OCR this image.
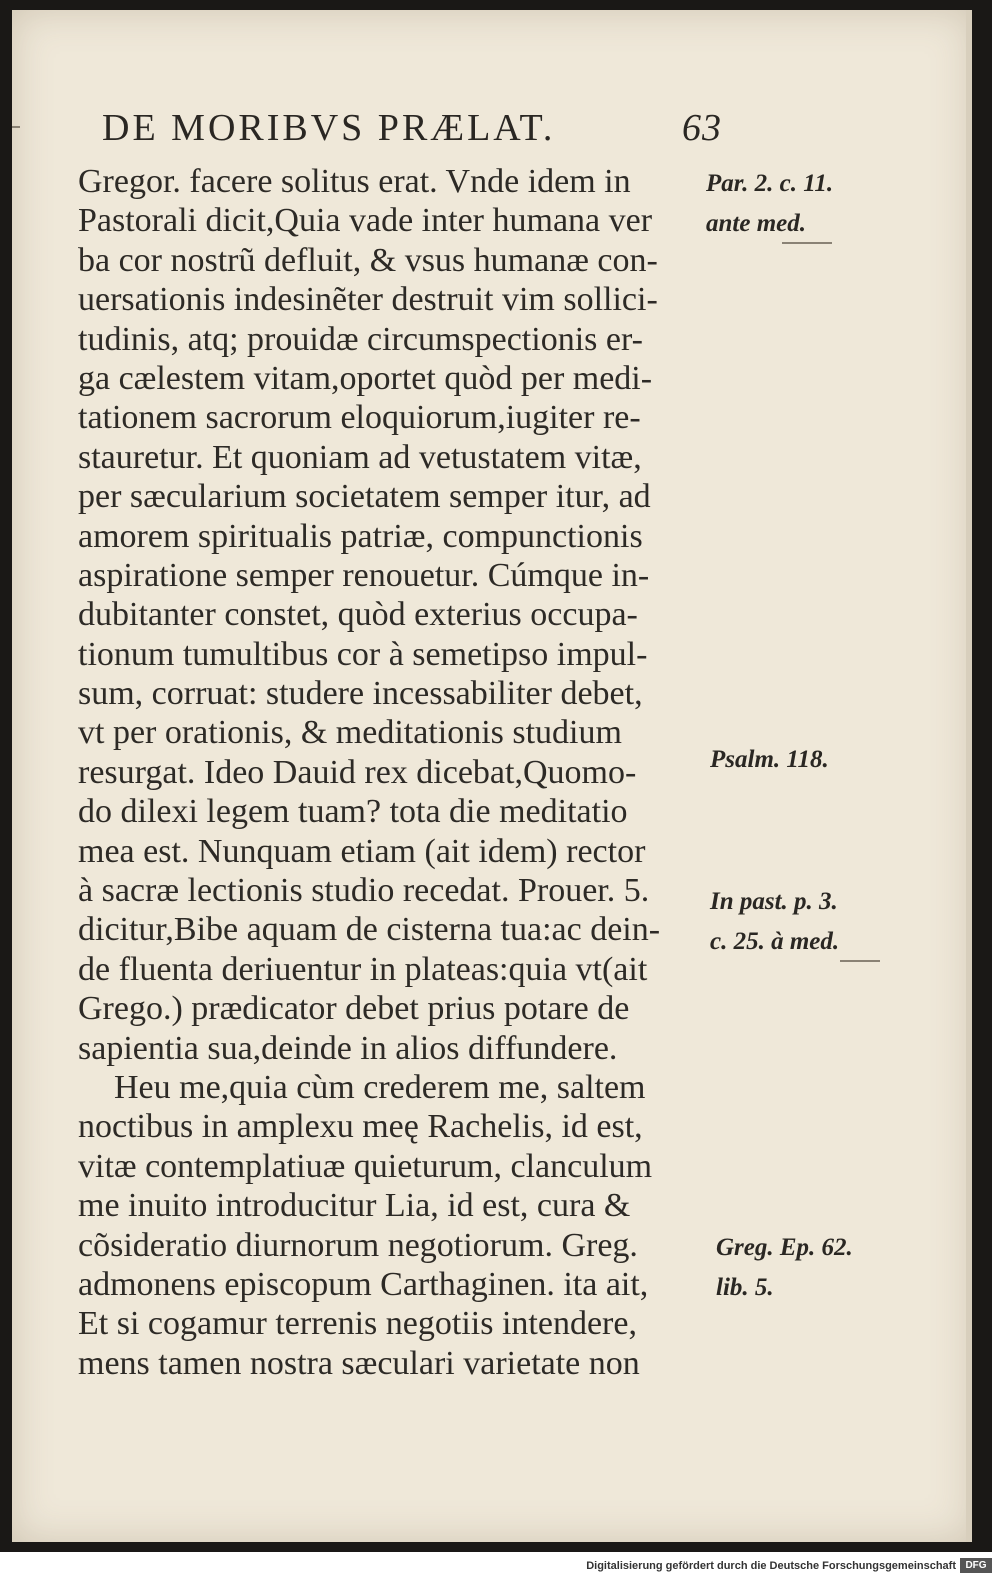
DE MORIBVS PRÆLAT.	63
Gregor. facere solitus erat. Vnde idem in
Pastorali dicit,Quia vade inter humana ver
ba cor nostrũ defluit, & vsus humanæ con-
uersationis indesinẽter destruit vim sollici-
tudinis, atq; prouidæ circumspectionis er-
ga cælestem vitam,oportet quòd per medi-
tationem sacrorum eloquiorum,iugiter re-
stauretur. Et quoniam ad vetustatem vitæ,
per sæcularium societatem semper itur, ad
amorem spiritualis patriæ, compunctionis
aspiratione semper renouetur. Cúmque in-
dubitanter constet, quòd exterius occupa-
tionum tumultibus cor à semetipso impul-
sum, corruat: studere incessabiliter debet,
vt per orationis, & meditationis studium
resurgat. Ideo Dauid rex dicebat,Quomo-
do dilexi legem tuam? tota die meditatio
mea est. Nunquam etiam (ait idem) rector
à sacræ lectionis studio recedat. Prouer. 5.
dicitur,Bibe aquam de cisterna tua:ac dein-
de fluenta deriuentur in plateas:quia vt(ait
Grego.) prædicator debet prius potare de
sapientia sua,deinde in alios diffundere.
Heu me,quia cùm crederem me, saltem
noctibus in amplexu meę Rachelis, id est,
vitæ contemplatiuæ quieturum, clanculum
me inuito introducitur Lia, id est, cura &
cõsideratio diurnorum negotiorum. Greg.
admonens episcopum Carthaginen. ita ait,
Et si cogamur terrenis negotiis intendere,
mens tamen nostra sæculari varietate non
Par. 2. c. 11.
ante med.
Psalm. 118.
In past. p. 3.
c. 25. à med.
Greg. Ep. 62.
lib. 5.
Digitalisierung gefördert durch die Deutsche Forschungsgemeinschaft DFG
